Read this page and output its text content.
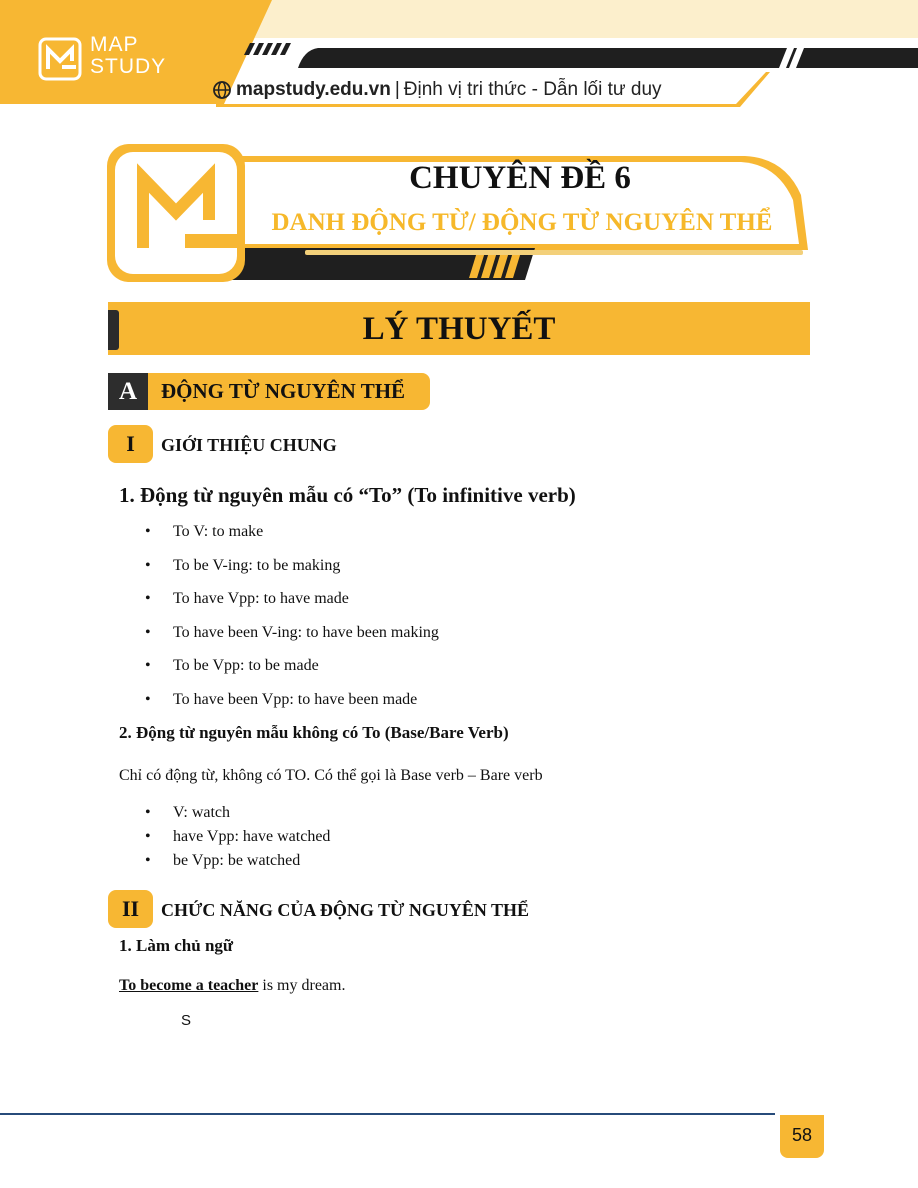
MAP
STUDY
mapstudy.edu.vn | Định vị tri thức - Dẫn lối tư duy
CHUYÊN ĐỀ 6
DANH ĐỘNG TỪ/ ĐỘNG TỪ NGUYÊN THỂ
LÝ THUYẾT
A	ĐỘNG TỪ NGUYÊN THỂ
I	GIỚI THIỆU CHUNG
1. Động từ nguyên mẫu có “To” (To infinitive verb)
• To V: to make
• To be V-ing: to be making
• To have Vpp: to have made
• To have been V-ing: to have been making
• To be Vpp: to be made
• To have been Vpp: to have been made
2. Động từ nguyên mẫu không có To (Base/Bare Verb)
Chỉ có động từ, không có TO. Có thể gọi là Base verb – Bare verb
• V: watch
• have Vpp: have watched
• be Vpp: be watched
II	CHỨC NĂNG CỦA ĐỘNG TỪ NGUYÊN THỂ
1. Làm chủ ngữ
To become a teacher is my dream.
S
58
